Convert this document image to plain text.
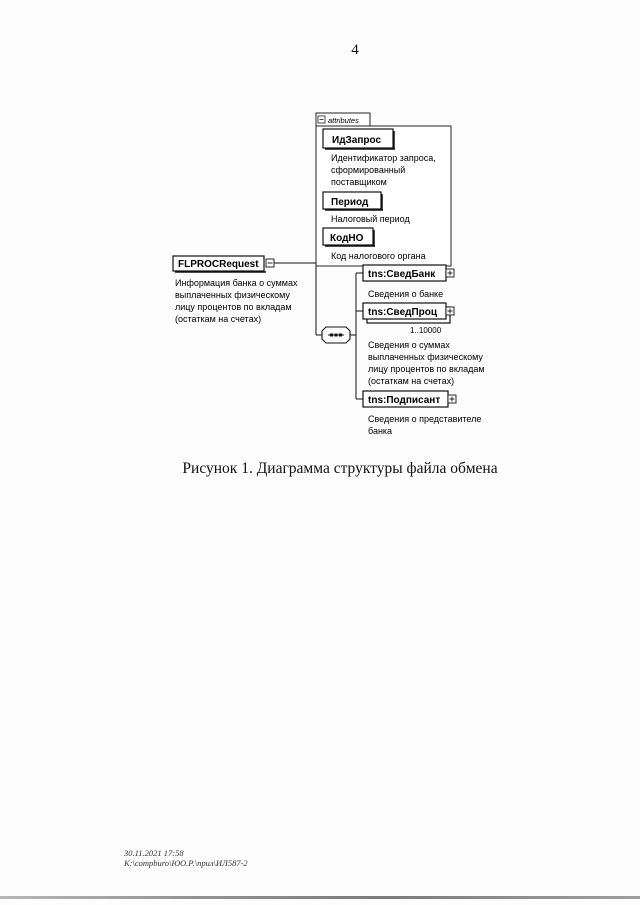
4
attributes
ИдЗапрос
Идентификатор запроса,
сформированный
поставщиком
Период
Налоговый период
КодНО
Код налогового органа
FLPROCRequest
Информация банка о суммах
выплаченных физическому
лицу процентов по вкладам
(остаткам на счетах)
tns:СведБанк
Сведения о банке
tns:СведПроц
1..10000
Сведения о суммах
выплаченных физическому
лицу процентов по вкладам
(остаткам на счетах)
tns:Подписант
Сведения о представителе
банка
Рисунок 1. Диаграмма структуры файла обмена
30.11.2021 17:58
К:\compburo\ЮО.Р.\прил\ИЛ587-2
